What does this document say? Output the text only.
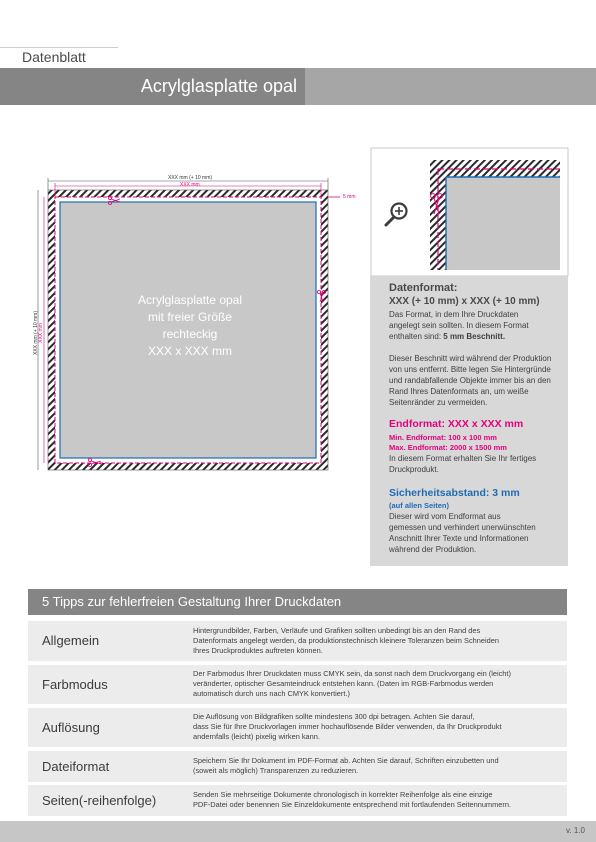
Acrylglasplatte opal
Datenblatt
XXX mm (+ 10 mm)
XXX mm
XXX mm (+ 10 mm)
XXX mm
5 mm
Acrylglasplatte opal
mit freier Größe
rechteckig
XXX x XXX mm
Datenformat:
XXX (+ 10 mm) x XXX (+ 10 mm)
Das Format, in dem Ihre Druckdaten
angelegt sein sollten. In diesem Format
enthalten sind: 5 mm Beschnitt.
Dieser Beschnitt wird während der Produktion
von uns entfernt. Bitte legen Sie Hintergründe
und randabfallende Objekte immer bis an den
Rand Ihres Datenformats an, um weiße
Seitenränder zu vermeiden.
Endformat: XXX x XXX mm
Min. Endformat: 100 x 100 mm
Max. Endformat: 2000 x 1500 mm
In diesem Format erhalten Sie Ihr fertiges
Druckprodukt.
Sicherheitsabstand: 3 mm
(auf allen Seiten)
Dieser wird vom Endformat aus
gemessen und verhindert unerwünschten
Anschnitt Ihrer Texte und Informationen
während der Produktion.
5 Tipps zur fehlerfreien Gestaltung Ihrer Druckdaten
Allgemein
Hintergrundbilder, Farben, Verläufe und Grafiken sollten unbedingt bis an den Rand des
Datenformats angelegt werden, da produktionstechnisch kleinere Toleranzen beim Schneiden
Ihres Druckproduktes auftreten können.
Farbmodus
Der Farbmodus Ihrer Druckdaten muss CMYK sein, da sonst nach dem Druckvorgang ein (leicht)
veränderter, optischer Gesamteindruck entstehen kann. (Daten im RGB-Farbmodus werden
automatisch durch uns nach CMYK konvertiert.)
Auflösung
Die Auflösung von Bildgrafiken sollte mindestens 300 dpi betragen. Achten Sie darauf,
dass Sie für Ihre Druckvorlagen immer hochauflösende Bilder verwenden, da Ihr Druckprodukt
andernfalls (leicht) pixelig wirken kann.
Dateiformat	Speichern Sie Ihr Dokument im PDF-Format ab. Achten Sie darauf, Schriften einzubetten und
(soweit als möglich) Transparenzen zu reduzieren.
Seiten(-reihenfolge)	Senden Sie mehrseitige Dokumente chronologisch in korrekter Reihenfolge als eine einzige
PDF-Datei oder benennen Sie Einzeldokumente entsprechend mit fortlaufenden Seitennummern.
v. 1.0
